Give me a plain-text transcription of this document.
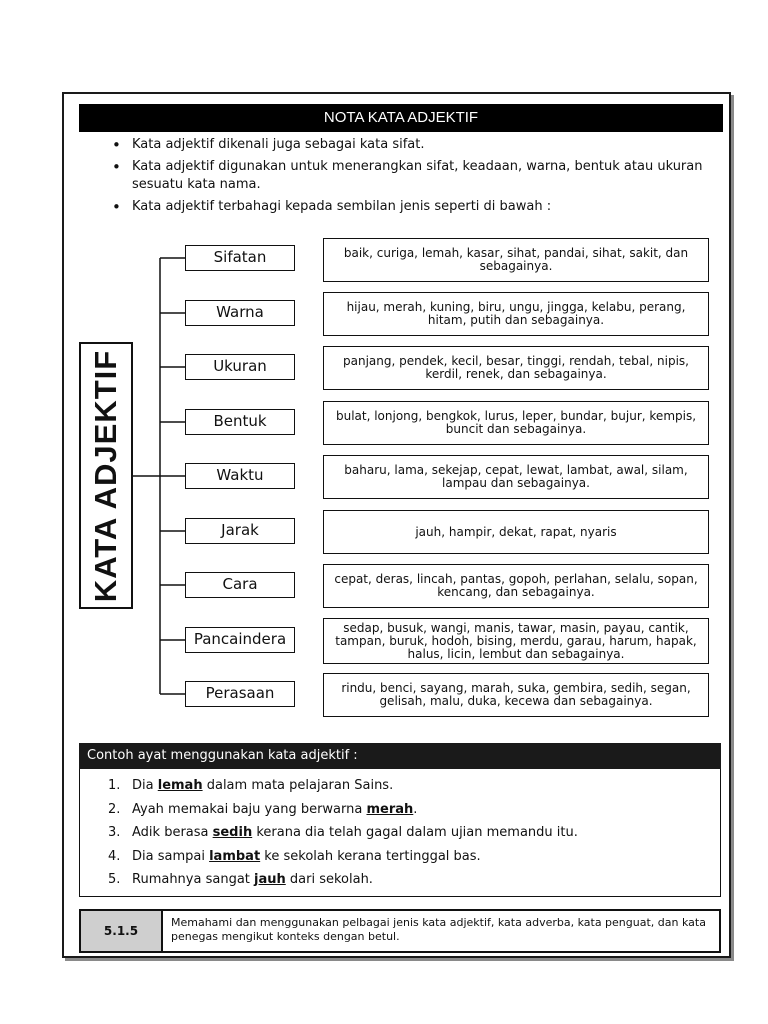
NOTA KATA ADJEKTIF
• Kata adjektif dikenali juga sebagai kata sifat.
• Kata adjektif digunakan untuk menerangkan sifat, keadaan, warna, bentuk atau ukuran sesuatu kata nama.
• Kata adjektif terbahagi kepada sembilan jenis seperti di bawah :
KATA ADJEKTIF
Sifatan
Warna
Ukuran
Bentuk
Waktu
Jarak
Cara
Pancaindera
Perasaan
baik, curiga, lemah, kasar, sihat, pandai, sihat, sakit, dan sebagainya.
hijau, merah, kuning, biru, ungu, jingga, kelabu, perang, hitam, putih dan sebagainya.
panjang, pendek, kecil, besar, tinggi, rendah, tebal, nipis, kerdil, renek, dan sebagainya.
bulat, lonjong, bengkok, lurus, leper, bundar, bujur, kempis, buncit dan sebagainya.
baharu, lama, sekejap, cepat, lewat, lambat, awal, silam, lampau dan sebagainya.
jauh, hampir, dekat, rapat, nyaris
cepat, deras, lincah, pantas, gopoh, perlahan, selalu, sopan, kencang, dan sebagainya.
sedap, busuk, wangi, manis, tawar, masin, payau, cantik, tampan, buruk, hodoh, bising, merdu, garau, harum, hapak, halus, licin, lembut dan sebagainya.
rindu, benci, sayang, marah, suka, gembira, sedih, segan, gelisah, malu, duka, kecewa dan sebagainya.
Contoh ayat menggunakan kata adjektif :
1. Dia lemah dalam mata pelajaran Sains.
2. Ayah memakai baju yang berwarna merah.
3. Adik berasa sedih kerana dia telah gagal dalam ujian memandu itu.
4. Dia sampai lambat ke sekolah kerana tertinggal bas.
5. Rumahnya sangat jauh dari sekolah.
5.1.5
Memahami dan menggunakan pelbagai jenis kata adjektif, kata adverba, kata penguat, dan kata penegas mengikut konteks dengan betul.
